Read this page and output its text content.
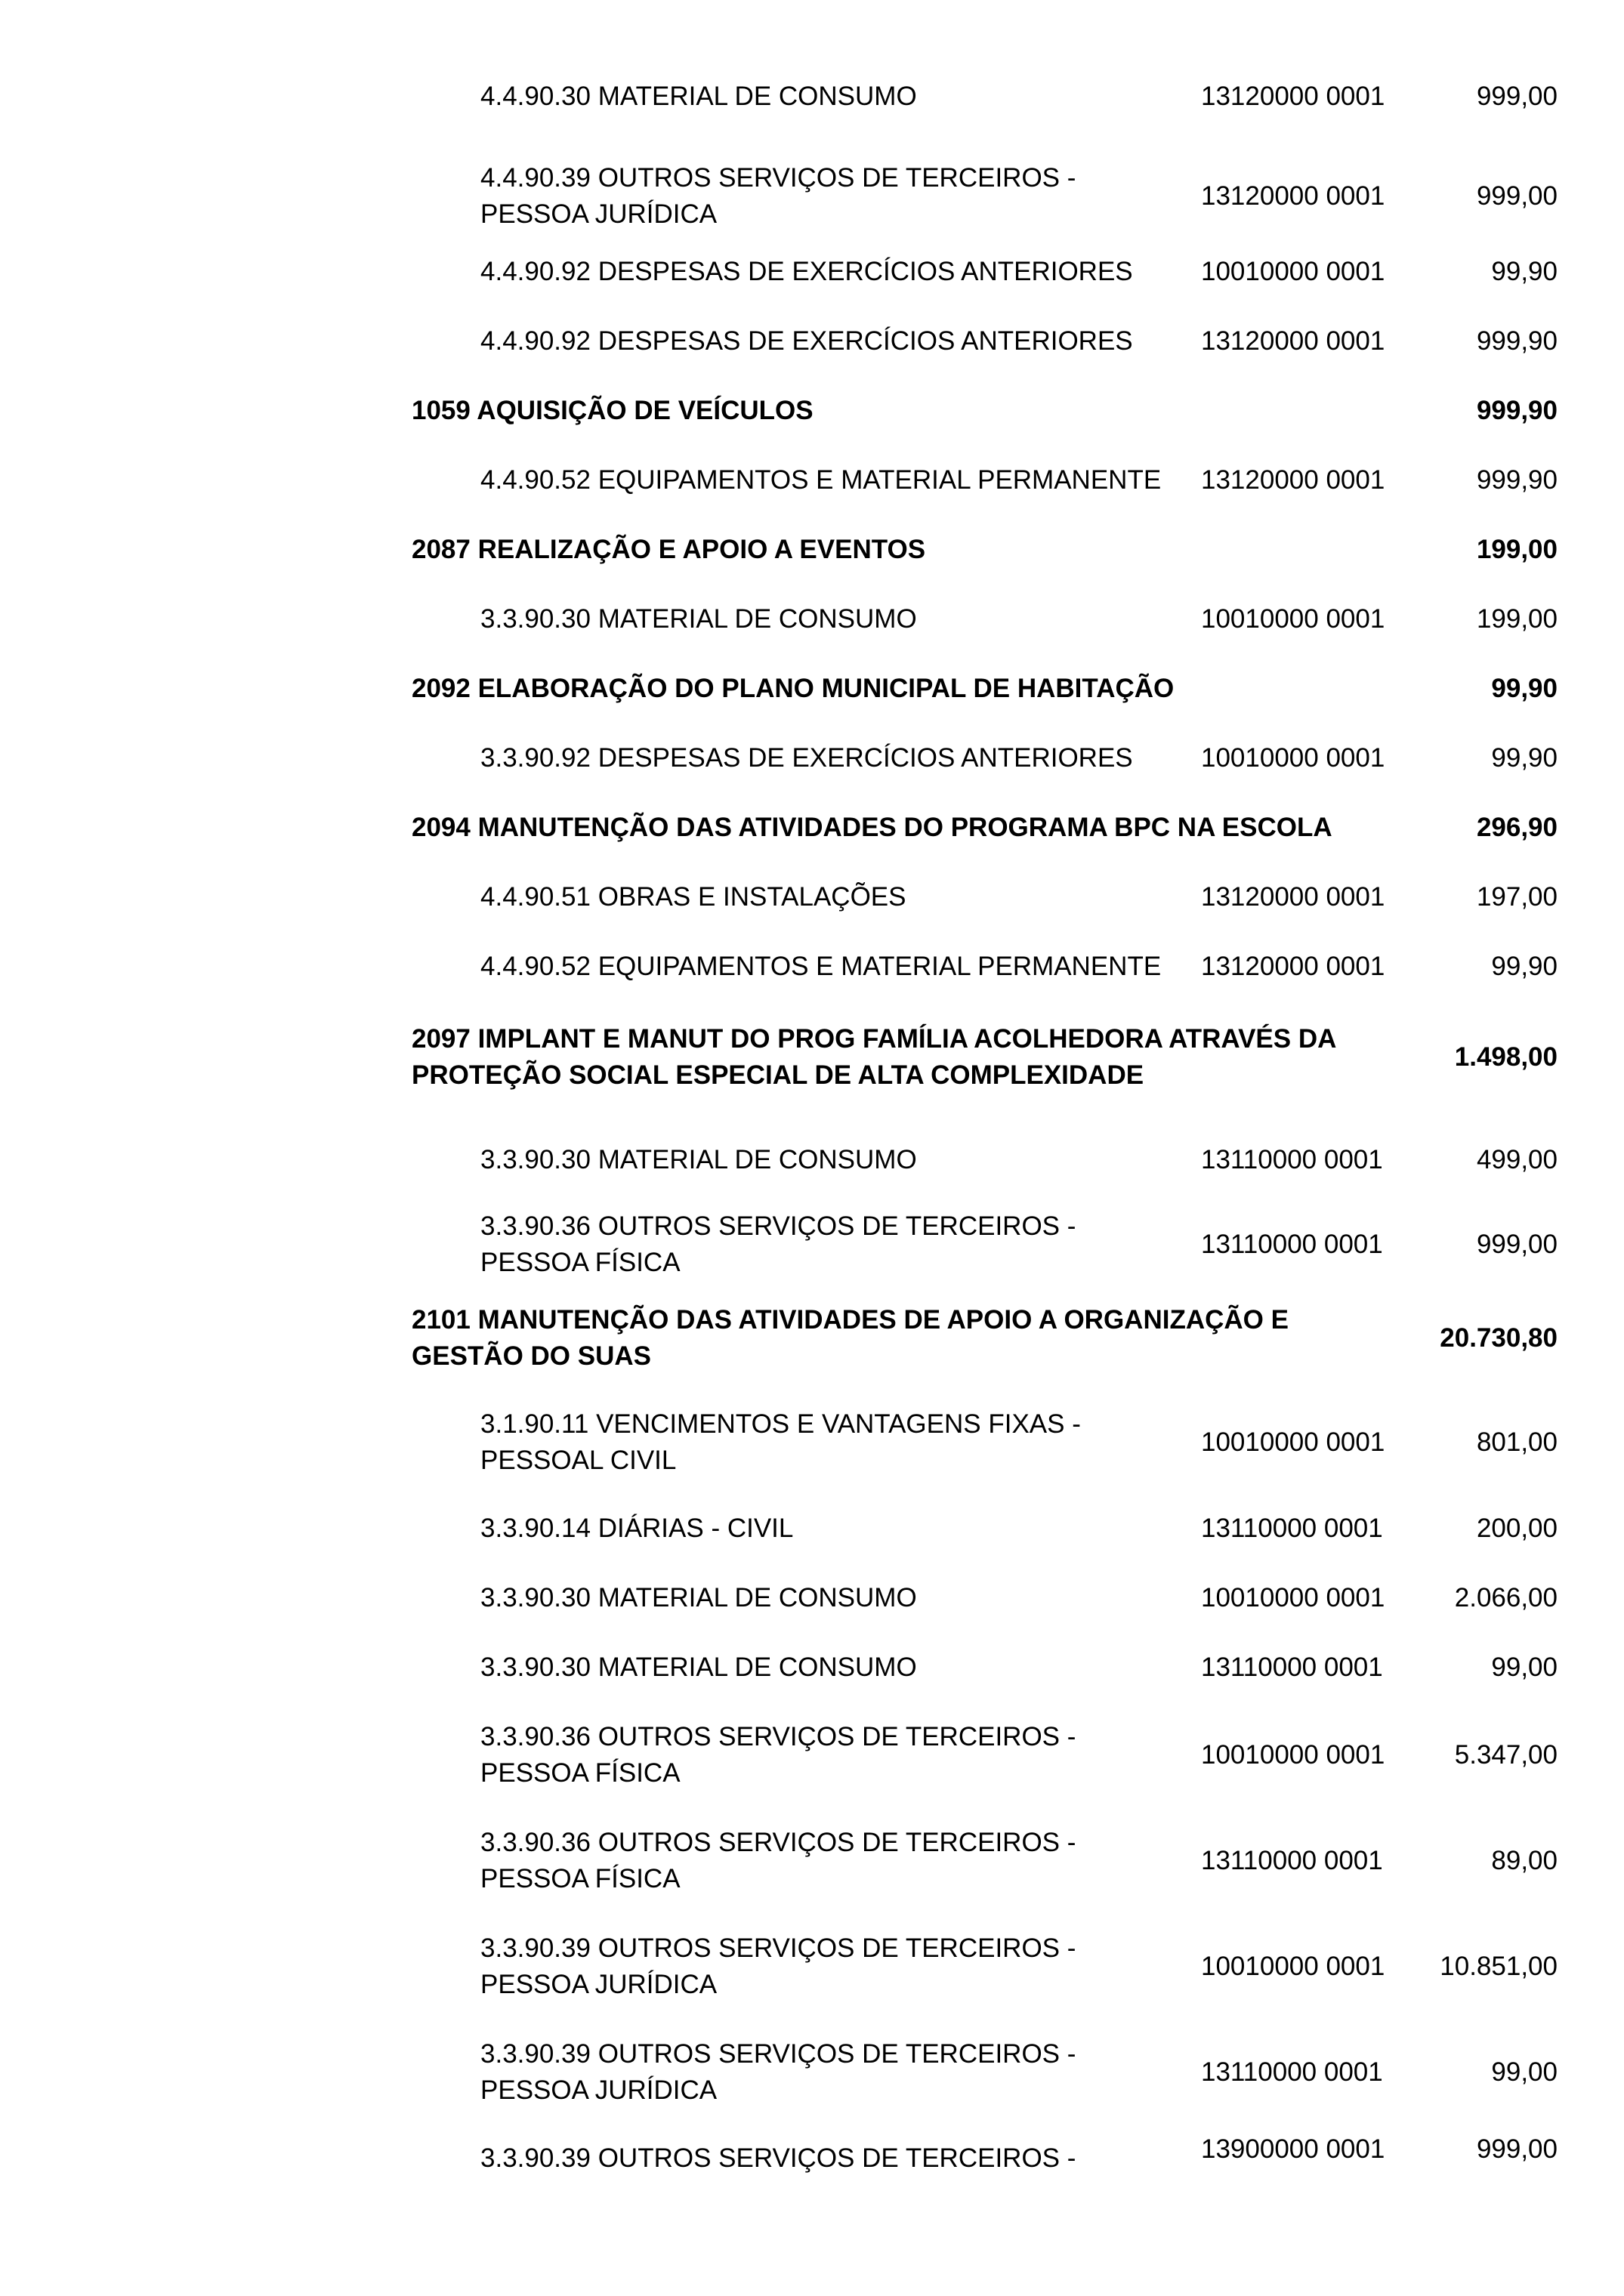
4.4.90.30 MATERIAL DE CONSUMO	13120000 0001	999,00
4.4.90.39 OUTROS SERVIÇOS DE TERCEIROS -
PESSOA JURÍDICA
13120000 0001	999,00
4.4.90.92 DESPESAS DE EXERCÍCIOS ANTERIORES	10010000 0001	99,90
4.4.90.92 DESPESAS DE EXERCÍCIOS ANTERIORES	13120000 0001	999,90
1059 AQUISIÇÃO DE VEÍCULOS	999,90
4.4.90.52 EQUIPAMENTOS E MATERIAL PERMANENTE	13120000 0001	999,90
2087 REALIZAÇÃO E APOIO A EVENTOS	199,00
3.3.90.30 MATERIAL DE CONSUMO	10010000 0001	199,00
2092 ELABORAÇÃO DO PLANO MUNICIPAL DE HABITAÇÃO	99,90
3.3.90.92 DESPESAS DE EXERCÍCIOS ANTERIORES	10010000 0001	99,90
2094 MANUTENÇÃO DAS ATIVIDADES DO PROGRAMA BPC NA ESCOLA	296,90
4.4.90.51 OBRAS E INSTALAÇÕES	13120000 0001	197,00
4.4.90.52 EQUIPAMENTOS E MATERIAL PERMANENTE	13120000 0001	99,90
2097 IMPLANT E MANUT DO PROG FAMÍLIA ACOLHEDORA ATRAVÉS DA
PROTEÇÃO SOCIAL ESPECIAL DE ALTA COMPLEXIDADE
1.498,00
3.3.90.30 MATERIAL DE CONSUMO	13110000 0001	499,00
3.3.90.36 OUTROS SERVIÇOS DE TERCEIROS -
PESSOA FÍSICA
13110000 0001	999,00
2101 MANUTENÇÃO DAS ATIVIDADES DE APOIO A ORGANIZAÇÃO E
GESTÃO DO SUAS
20.730,80
3.1.90.11 VENCIMENTOS E VANTAGENS FIXAS -
PESSOAL CIVIL
10010000 0001	801,00
3.3.90.14 DIÁRIAS - CIVIL	13110000 0001	200,00
3.3.90.30 MATERIAL DE CONSUMO	10010000 0001	2.066,00
3.3.90.30 MATERIAL DE CONSUMO	13110000 0001	99,00
3.3.90.36 OUTROS SERVIÇOS DE TERCEIROS -
PESSOA FÍSICA
10010000 0001	5.347,00
3.3.90.36 OUTROS SERVIÇOS DE TERCEIROS -
PESSOA FÍSICA
13110000 0001	89,00
3.3.90.39 OUTROS SERVIÇOS DE TERCEIROS -
PESSOA JURÍDICA
10010000 0001	10.851,00
3.3.90.39 OUTROS SERVIÇOS DE TERCEIROS -
PESSOA JURÍDICA
13110000 0001	99,00
3.3.90.39 OUTROS SERVIÇOS DE TERCEIROS -	13900000 0001	999,00
